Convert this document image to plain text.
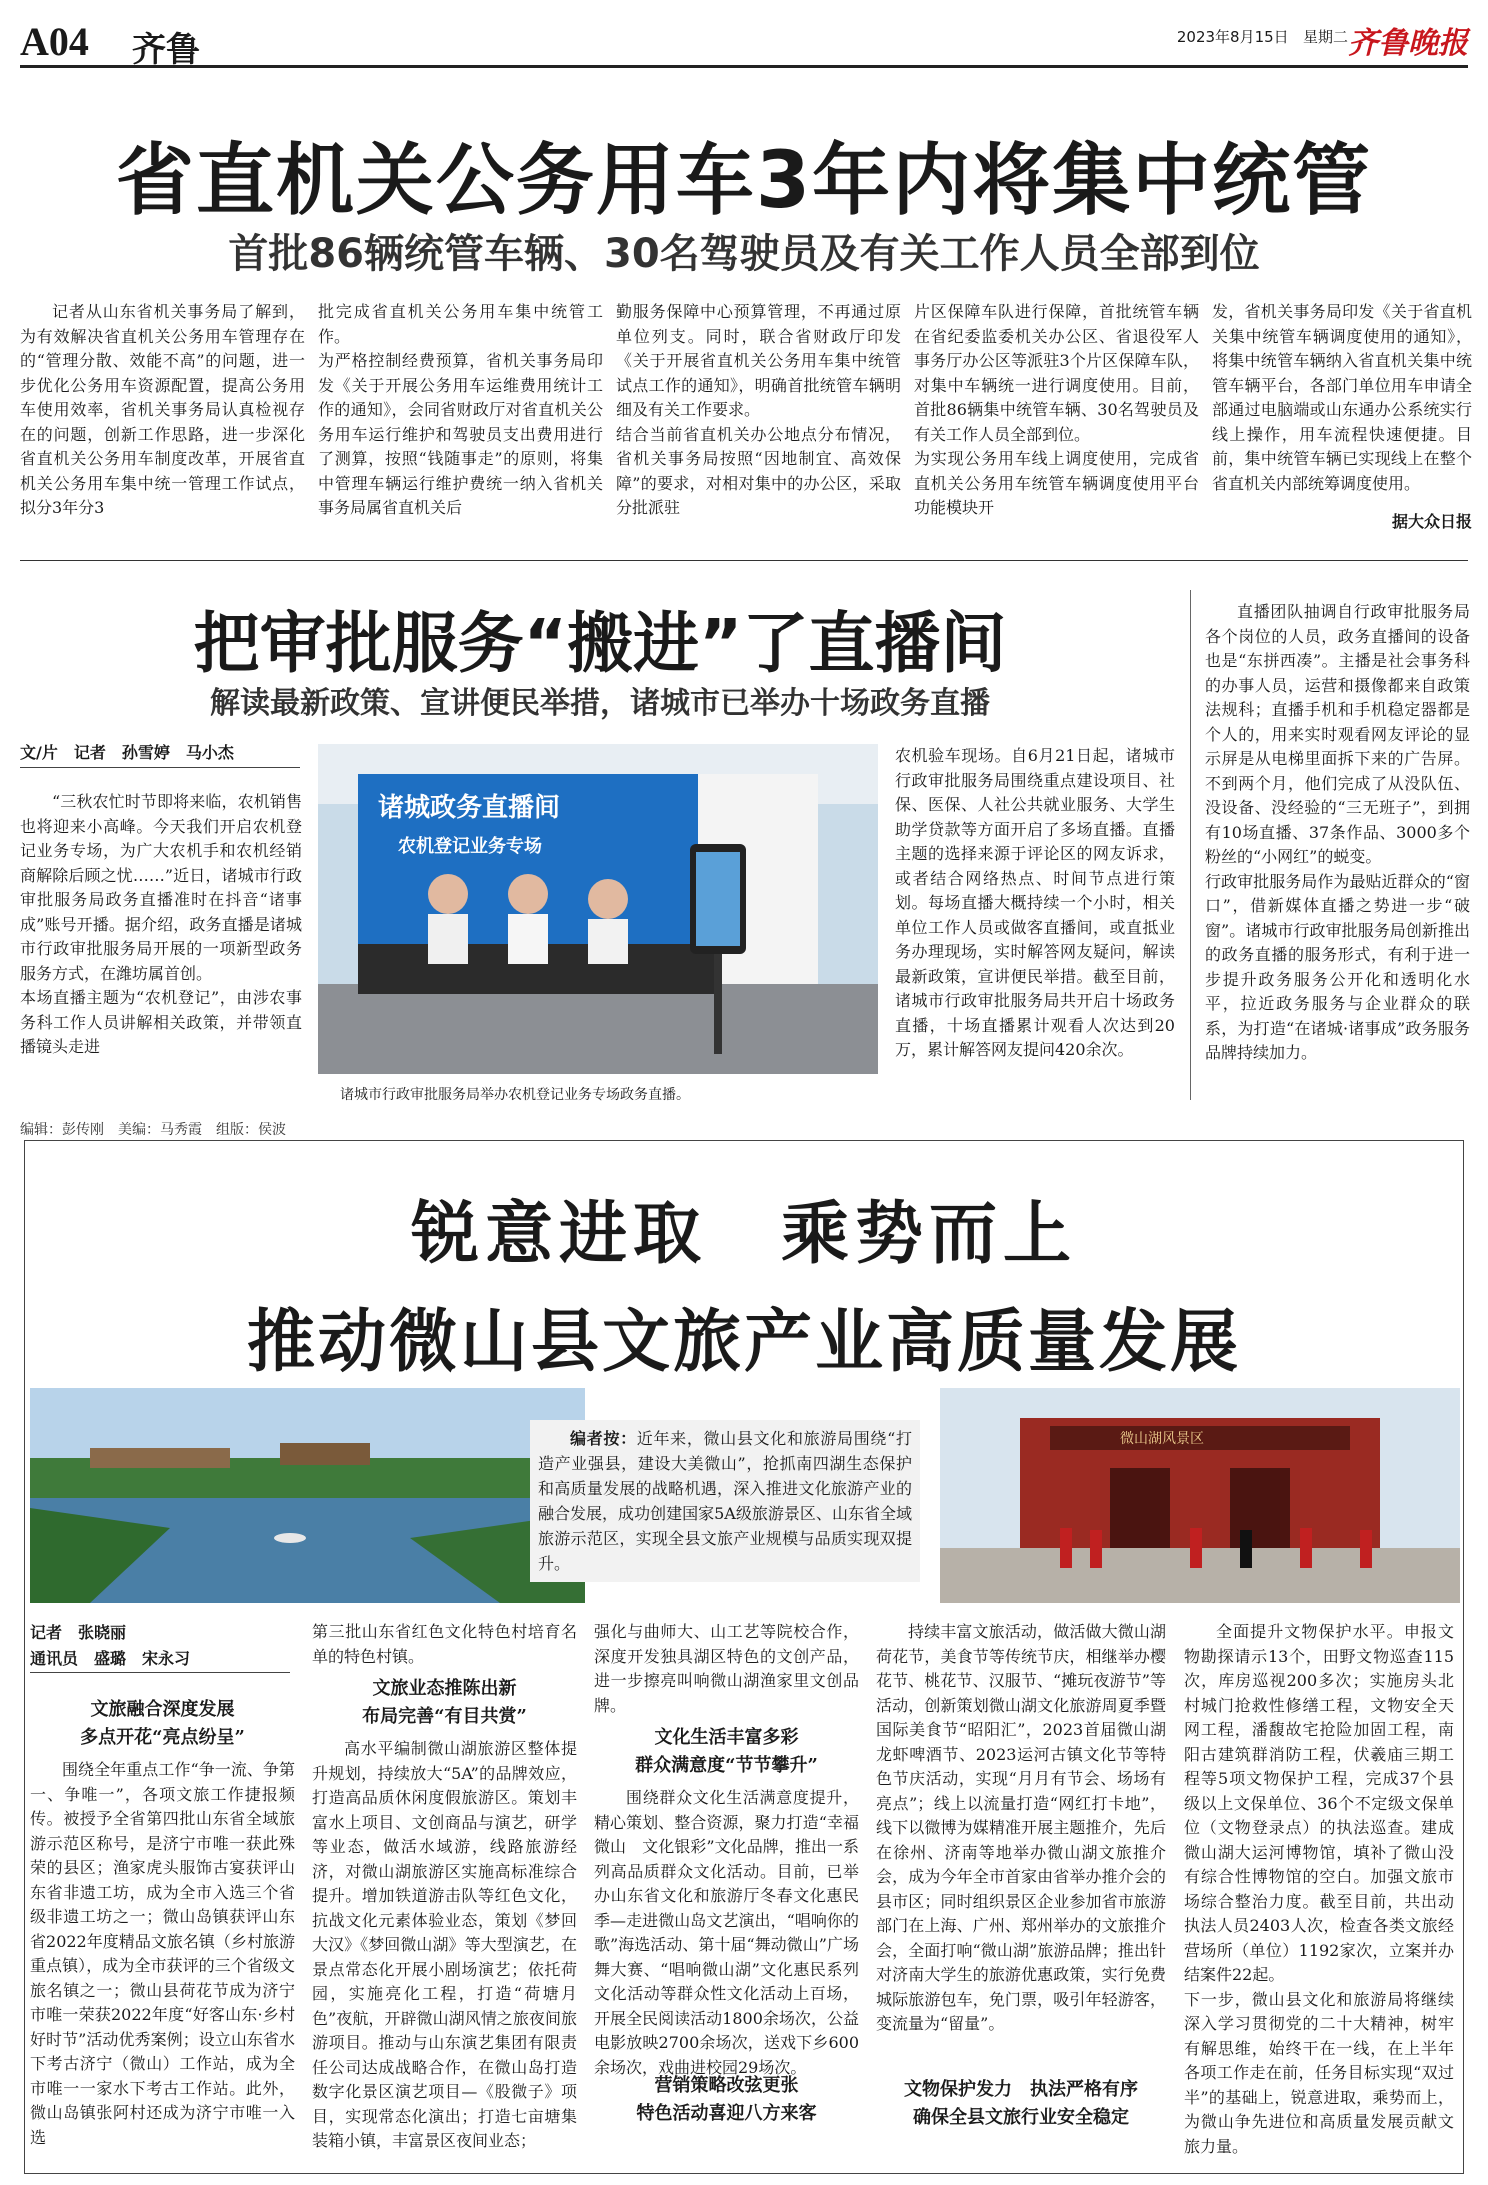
A04 齐鲁	2023年8月15日 星期二 齐鲁晚报
省直机关公务用车3年内将集中统管
首批86辆统管车辆、30名驾驶员及有关工作人员全部到位
记者从山东省机关事务局了解到，为有效解决省直机关公务用车管理存在的“管理分散、效能不高”的问题，进一步优化公务用车资源配置，提高公务用车使用效率，省机关事务局认真检视存在的问题，创新工作思路，进一步深化省直机关公务用车制度改革，开展省直机关公务用车集中统一管理工作试点，拟分3年分3
批完成省直机关公务用车集中统管工作。
为严格控制经费预算，省机关事务局印发《关于开展公务用车运维费用统计工作的通知》，会同省财政厅对省直机关公务用车运行维护和驾驶员支出费用进行了测算，按照“钱随事走”的原则，将集中管理车辆运行维护费统一纳入省机关事务局属省直机关后
勤服务保障中心预算管理，不再通过原单位列支。同时，联合省财政厅印发《关于开展省直机关公务用车集中统管试点工作的通知》，明确首批统管车辆明细及有关工作要求。
结合当前省直机关办公地点分布情况，省机关事务局按照“因地制宜、高效保障”的要求，对相对集中的办公区，采取分批派驻
片区保障车队进行保障，首批统管车辆在省纪委监委机关办公区、省退役军人事务厅办公区等派驻3个片区保障车队，对集中车辆统一进行调度使用。目前，首批86辆集中统管车辆、30名驾驶员及有关工作人员全部到位。
为实现公务用车线上调度使用，完成省直机关公务用车统管车辆调度使用平台功能模块开
发，省机关事务局印发《关于省直机关集中统管车辆调度使用的通知》，将集中统管车辆纳入省直机关集中统管车辆平台，各部门单位用车申请全部通过电脑端或山东通办公系统实行线上操作，用车流程快速便捷。目前，集中统管车辆已实现线上在整个省直机关内部统筹调度使用。
据大众日报
把审批服务“搬进”了直播间
解读最新政策、宣讲便民举措，诸城市已举办十场政务直播
文/片　记者　孙雪婷　马小杰
“三秋农忙时节即将来临，农机销售也将迎来小高峰。今天我们开启农机登记业务专场，为广大农机手和农机经销商解除后顾之忧……”近日，诸城市行政审批服务局政务直播准时在抖音“诸事成”账号开播。据介绍，政务直播是诸城市行政审批服务局开展的一项新型政务服务方式，在潍坊属首创。
本场直播主题为“农机登记”，由涉农事务科工作人员讲解相关政策，并带领直播镜头走进
诸城政务直播间
农机登记业务专场
诸城市行政审批服务局举办农机登记业务专场政务直播。
农机验车现场。自6月21日起，诸城市行政审批服务局围绕重点建设项目、社保、医保、人社公共就业服务、大学生助学贷款等方面开启了多场直播。直播主题的选择来源于评论区的网友诉求，或者结合网络热点、时间节点进行策划。每场直播大概持续一个小时，相关单位工作人员或做客直播间，或直抵业务办理现场，实时解答网友疑问，解读最新政策，宣讲便民举措。截至目前，诸城市行政审批服务局共开启十场政务直播，十场直播累计观看人次达到20万，累计解答网友提问420余次。
直播团队抽调自行政审批服务局各个岗位的人员，政务直播间的设备也是“东拼西凑”。主播是社会事务科的办事人员，运营和摄像都来自政策法规科；直播手机和手机稳定器都是个人的，用来实时观看网友评论的显示屏是从电梯里面拆下来的广告屏。不到两个月，他们完成了从没队伍、没设备、没经验的“三无班子”，到拥有10场直播、37条作品、3000多个粉丝的“小网红”的蜕变。
行政审批服务局作为最贴近群众的“窗口”，借新媒体直播之势进一步“破窗”。诸城市行政审批服务局创新推出的政务直播的服务形式，有利于进一步提升政务服务公开化和透明化水平，拉近政务服务与企业群众的联系，为打造“在诸城·诸事成”政务服务品牌持续加力。
编辑：彭传刚　美编：马秀霞　组版：侯波
锐意进取　乘势而上
推动微山县文旅产业高质量发展
编者按：近年来，微山县文化和旅游局围绕“打造产业强县，建设大美微山”，抢抓南四湖生态保护和高质量发展的战略机遇，深入推进文化旅游产业的融合发展，成功创建国家5A级旅游景区、山东省全域旅游示范区，实现全县文旅产业规模与品质实现双提升。
微山湖风景区
记者　张晓丽
通讯员　盛璐　宋永习
文旅融合深度发展
多点开花“亮点纷呈”
围绕全年重点工作“争一流、争第一、争唯一”，各项文旅工作捷报频传。被授予全省第四批山东省全域旅游示范区称号，是济宁市唯一获此殊荣的县区；渔家虎头服饰古宴获评山东省非遗工坊，成为全市入选三个省级非遗工坊之一；微山岛镇获评山东省2022年度精品文旅名镇（乡村旅游重点镇），成为全市获评的三个省级文旅名镇之一；微山县荷花节成为济宁市唯一荣获2022年度“好客山东·乡村好时节”活动优秀案例；设立山东省水下考古济宁（微山）工作站，成为全市唯一一家水下考古工作站。此外，微山岛镇张阿村还成为济宁市唯一入选
第三批山东省红色文化特色村培育名单的特色村镇。
文旅业态推陈出新
布局完善“有目共赏”
高水平编制微山湖旅游区整体提升规划，持续放大“5A”的品牌效应，打造高品质休闲度假旅游区。策划丰富水上项目、文创商品与演艺，研学等业态，做活水域游，线路旅游经济，对微山湖旅游区实施高标准综合提升。增加铁道游击队等红色文化，抗战文化元素体验业态，策划《梦回大汉》《梦回微山湖》等大型演艺，在景点常态化开展小剧场演艺；依托荷园，实施亮化工程，打造“荷塘月色”夜航，开辟微山湖风情之旅夜间旅游项目。推动与山东演艺集团有限责任公司达成战略合作，在微山岛打造数字化景区演艺项目—《股微子》项目，实现常态化演出；打造七亩塘集装箱小镇，丰富景区夜间业态；
强化与曲师大、山工艺等院校合作，深度开发独具湖区特色的文创产品，进一步擦亮叫响微山湖渔家里文创品牌。
文化生活丰富多彩
群众满意度“节节攀升”
围绕群众文化生活满意度提升，精心策划、整合资源，聚力打造“幸福微山　文化银彩”文化品牌，推出一系列高品质群众文化活动。目前，已举办山东省文化和旅游厅冬春文化惠民季—走进微山岛文艺演出，“唱响你的歌”海选活动、第十届“舞动微山”广场舞大赛、“唱响微山湖”文化惠民系列文化活动等群众性文化活动上百场，开展全民阅读活动1800余场次，公益电影放映2700余场次，送戏下乡600余场次，戏曲进校园29场次。
营销策略改弦更张
特色活动喜迎八方来客
持续丰富文旅活动，做活做大微山湖荷花节，美食节等传统节庆，相继举办樱花节、桃花节、汉服节、“摊玩夜游节”等活动，创新策划微山湖文化旅游周夏季暨国际美食节“昭阳汇”，2023首届微山湖龙虾啤酒节、2023运河古镇文化节等特色节庆活动，实现“月月有节会、场场有亮点”；线上以流量打造“网红打卡地”，线下以微博为媒精准开展主题推介，先后在徐州、济南等地举办微山湖文旅推介会，成为今年全市首家由省举办推介会的县市区；同时组织景区企业参加省市旅游部门在上海、广州、郑州举办的文旅推介会，全面打响“微山湖”旅游品牌；推出针对济南大学生的旅游优惠政策，实行免费城际旅游包车，免门票，吸引年轻游客，变流量为“留量”。
文物保护发力　执法严格有序
确保全县文旅行业安全稳定
全面提升文物保护水平。申报文物勘探请示13个，田野文物巡查115次，库房巡视200多次；实施房头北村城门抢救性修缮工程，文物安全天网工程，潘馥故宅抢险加固工程，南阳古建筑群消防工程，伏羲庙三期工程等5项文物保护工程，完成37个县级以上文保单位、36个不定级文保单位（文物登录点）的执法巡查。建成微山湖大运河博物馆，填补了微山没有综合性博物馆的空白。加强文旅市场综合整治力度。截至目前，共出动执法人员2403人次，检查各类文旅经营场所（单位）1192家次，立案并办结案件22起。
下一步，微山县文化和旅游局将继续深入学习贯彻党的二十大精神，树牢有解思维，始终干在一线，在上半年各项工作走在前，任务目标实现“双过半”的基础上，锐意进取，乘势而上，为微山争先进位和高质量发展贡献文旅力量。
